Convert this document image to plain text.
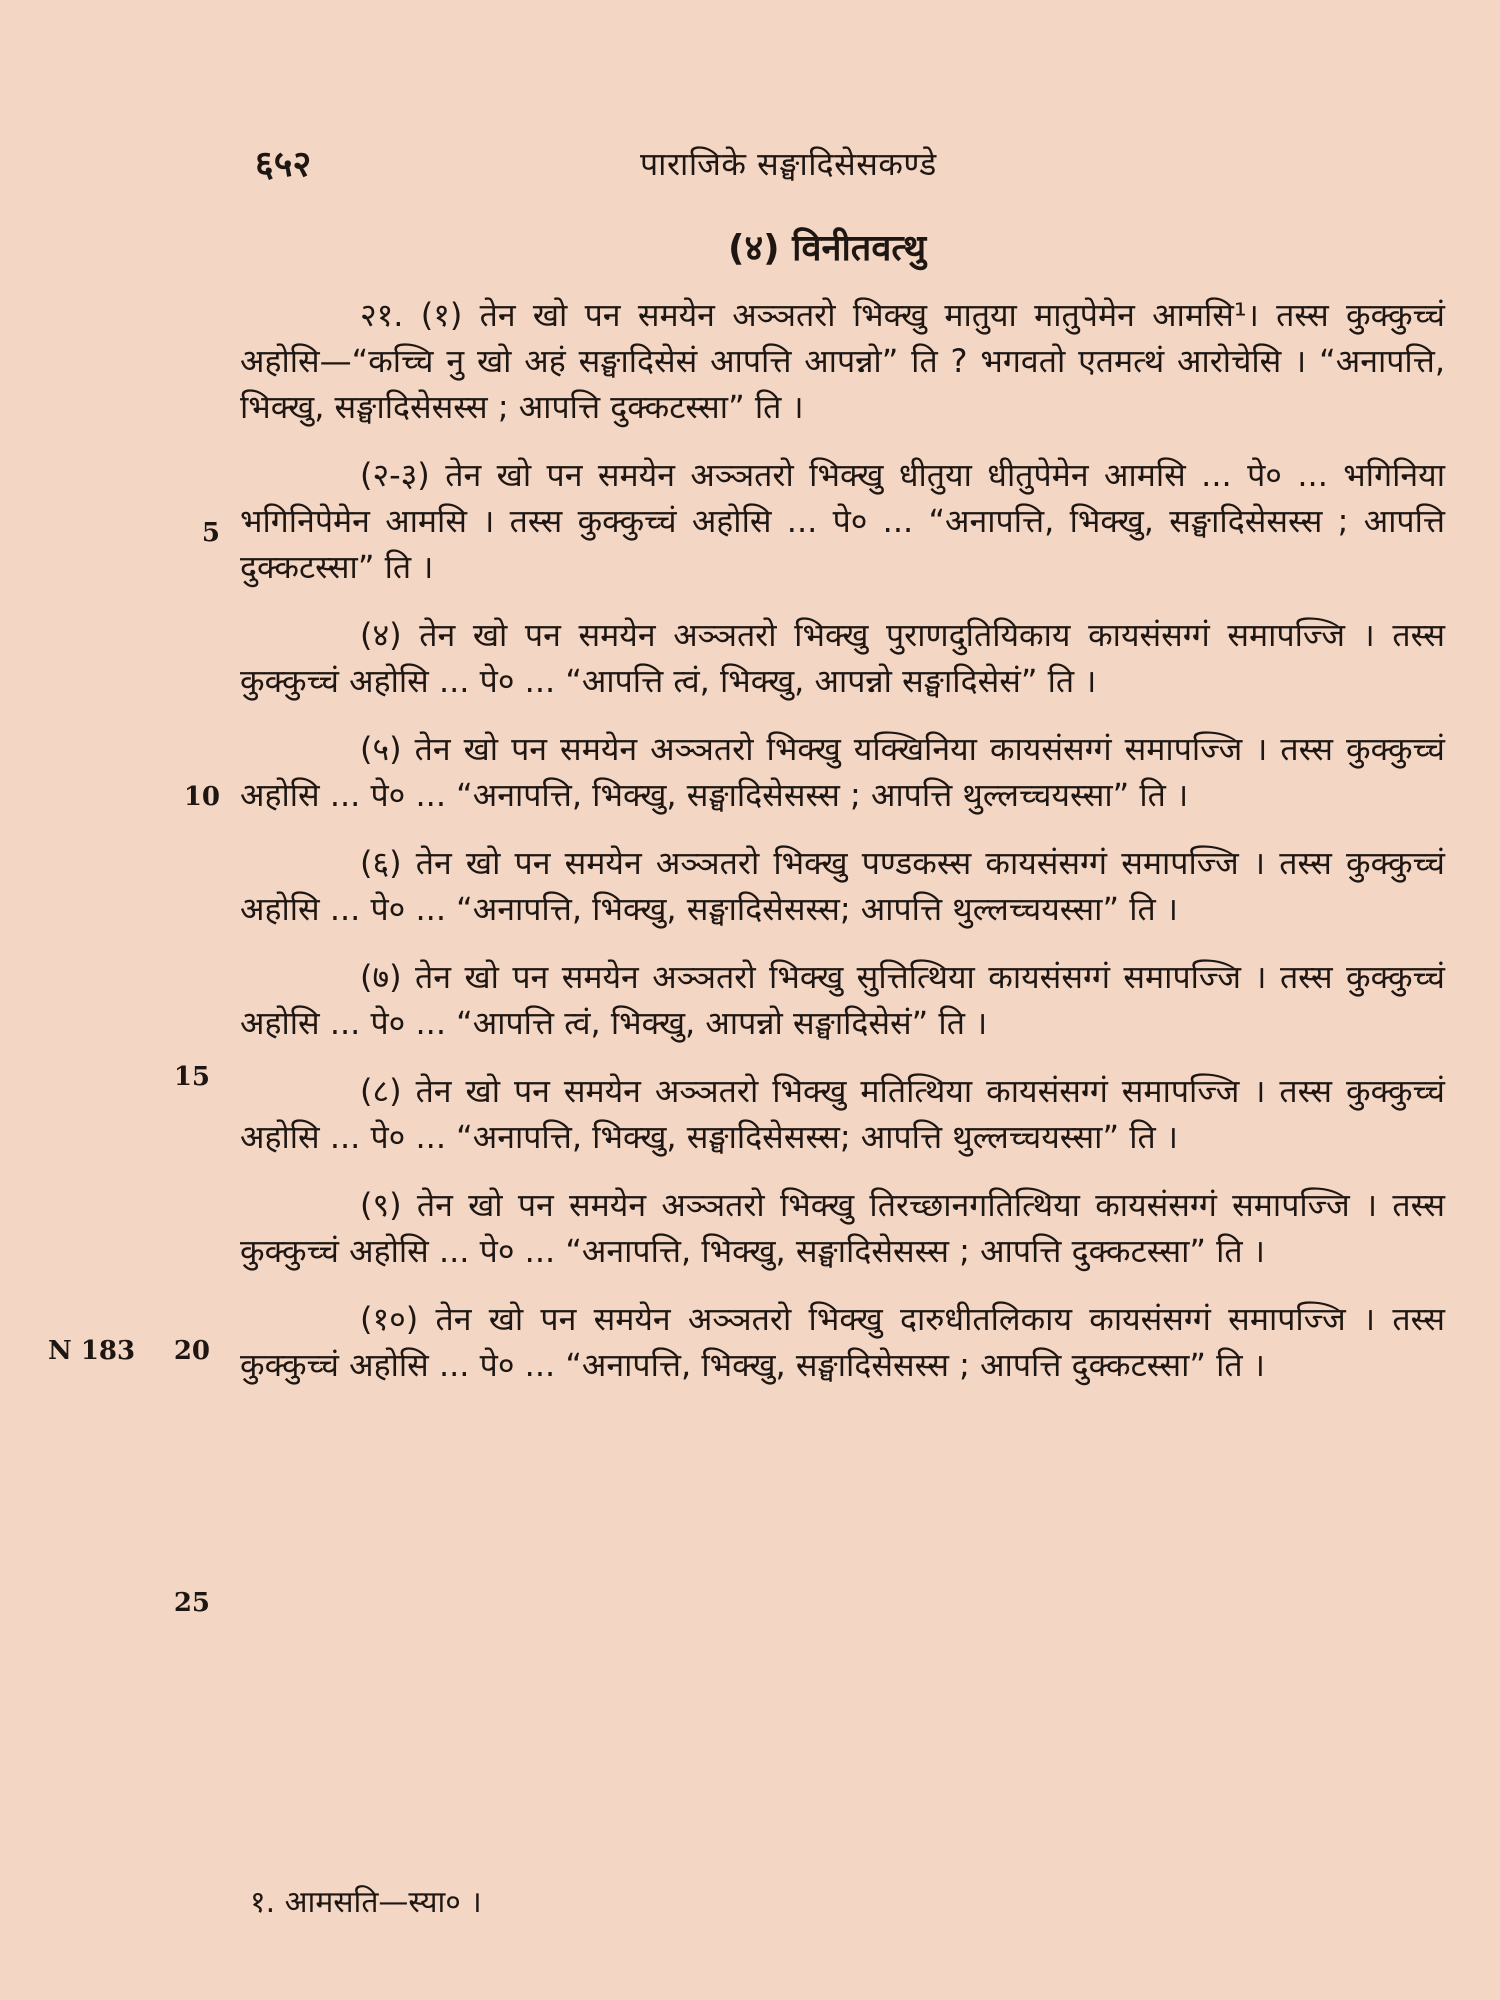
६५२	पाराजिके सङ्घादिसेसकण्डे
(४) विनीतवत्थु

२१. (१) तेन खो पन समयेन अञ्ञतरो भिक्खु मातुया मातुपेमेन आमसि¹। तस्स कुक्कुच्चं अहोसि—“कच्चि नु खो अहं सङ्घादिसेसं आपत्ति आपन्नो” ति ? भगवतो एतमत्थं आरोचेसि । “अनापत्ति, भिक्खु, सङ्घादिसेसस्स ; आपत्ति दुक्कटस्सा” ति ।

(२-३) तेन खो पन समयेन अञ्ञतरो भिक्खु धीतुया धीतुपेमेन आमसि ... पे० ... भगिनिया भगिनिपेमेन आमसि । तस्स कुक्कुच्चं अहोसि ... पे० ... “अनापत्ति, भिक्खु, सङ्घादिसेसस्स ; आपत्ति दुक्कटस्सा” ति ।

(४) तेन खो पन समयेन अञ्ञतरो भिक्खु पुराणदुतियिकाय कायसंसग्गं समापज्जि । तस्स कुक्कुच्चं अहोसि ... पे० ... “आपत्ति त्वं, भिक्खु, आपन्नो सङ्घादिसेसं” ति ।

(५) तेन खो पन समयेन अञ्ञतरो भिक्खु यक्खिनिया कायसंसग्गं समापज्जि । तस्स कुक्कुच्चं अहोसि ... पे० ... “अनापत्ति, भिक्खु, सङ्घादिसेसस्स ; आपत्ति थुल्लच्चयस्सा” ति ।

(६) तेन खो पन समयेन अञ्ञतरो भिक्खु पण्डकस्स कायसंसग्गं समापज्जि । तस्स कुक्कुच्चं अहोसि ... पे० ... “अनापत्ति, भिक्खु, सङ्घादिसेसस्स; आपत्ति थुल्लच्चयस्सा” ति ।

(७) तेन खो पन समयेन अञ्ञतरो भिक्खु सुत्तित्थिया कायसंसग्गं समापज्जि । तस्स कुक्कुच्चं अहोसि ... पे० ... “आपत्ति त्वं, भिक्खु, आपन्नो सङ्घादिसेसं” ति ।

(८) तेन खो पन समयेन अञ्ञतरो भिक्खु मतित्थिया कायसंसग्गं समापज्जि । तस्स कुक्कुच्चं अहोसि ... पे० ... “अनापत्ति, भिक्खु, सङ्घादिसेसस्स; आपत्ति थुल्लच्चयस्सा” ति ।

(९) तेन खो पन समयेन अञ्ञतरो भिक्खु तिरच्छानगतित्थिया कायसंसग्गं समापज्जि । तस्स कुक्कुच्चं अहोसि ... पे० ... “अनापत्ति, भिक्खु, सङ्घादिसेसस्स ; आपत्ति दुक्कटस्सा” ति ।

(१०) तेन खो पन समयेन अञ्ञतरो भिक्खु दारुधीतलिकाय कायसंसग्गं समापज्जि । तस्स कुक्कुच्चं अहोसि ... पे० ... “अनापत्ति, भिक्खु, सङ्घादिसेसस्स ; आपत्ति दुक्कटस्सा” ति ।

5
10
15
20
25
N 183
१. आमसति—स्या० ।
